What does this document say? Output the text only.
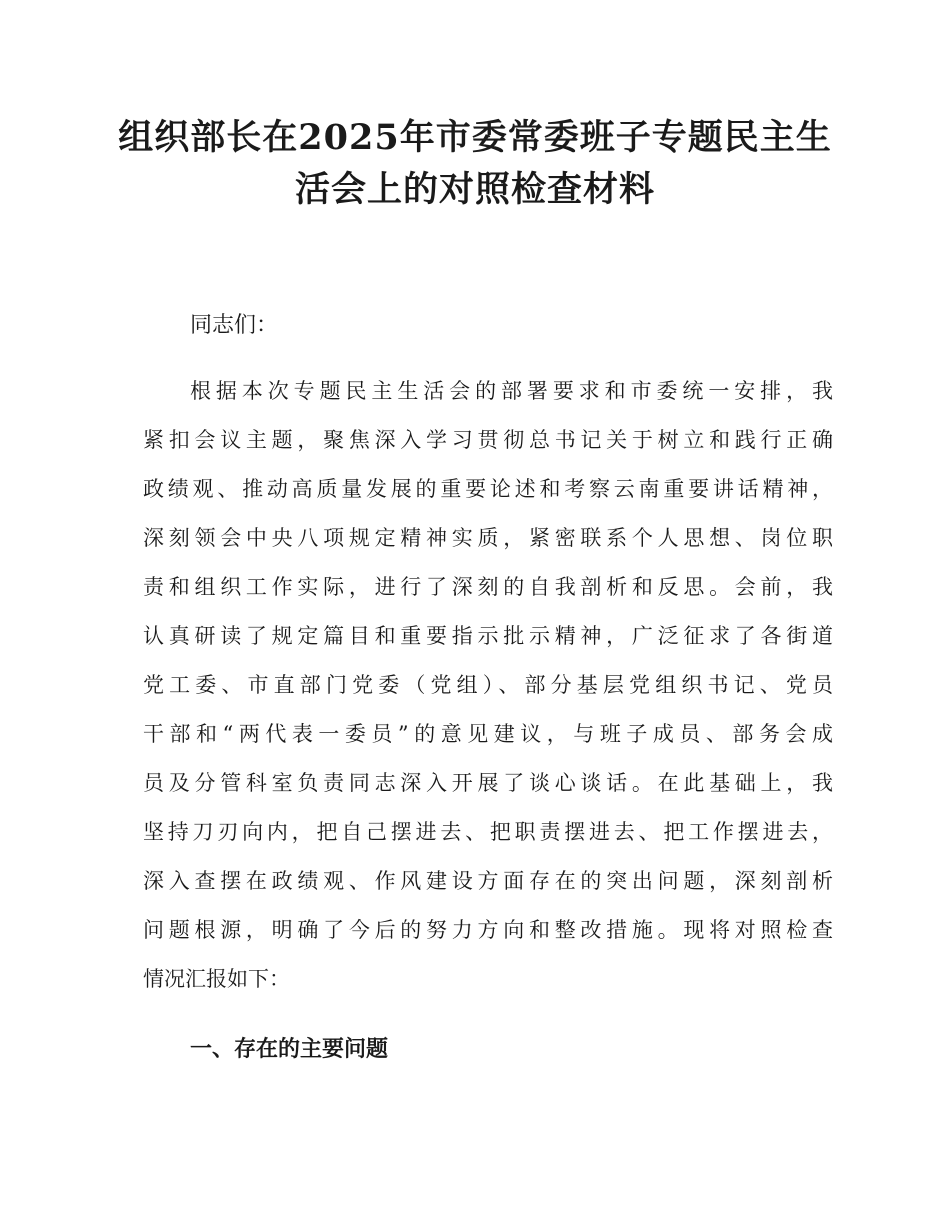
组织部长在2025年市委常委班子专题民主生
活会上的对照检查材料

同志们：

根据本次专题民主生活会的部署要求和市委统一安排，我
紧扣会议主题，聚焦深入学习贯彻总书记关于树立和践行正确
政绩观、推动高质量发展的重要论述和考察云南重要讲话精神，
深刻领会中央八项规定精神实质，紧密联系个人思想、岗位职
责和组织工作实际，进行了深刻的自我剖析和反思。会前，我
认真研读了规定篇目和重要指示批示精神，广泛征求了各街道
党工委、市直部门党委（党组）、部分基层党组织书记、党员
干部和“两代表一委员”的意见建议，与班子成员、部务会成
员及分管科室负责同志深入开展了谈心谈话。在此基础上，我
坚持刀刃向内，把自己摆进去、把职责摆进去、把工作摆进去，
深入查摆在政绩观、作风建设方面存在的突出问题，深刻剖析
问题根源，明确了今后的努力方向和整改措施。现将对照检查
情况汇报如下：

一、存在的主要问题
